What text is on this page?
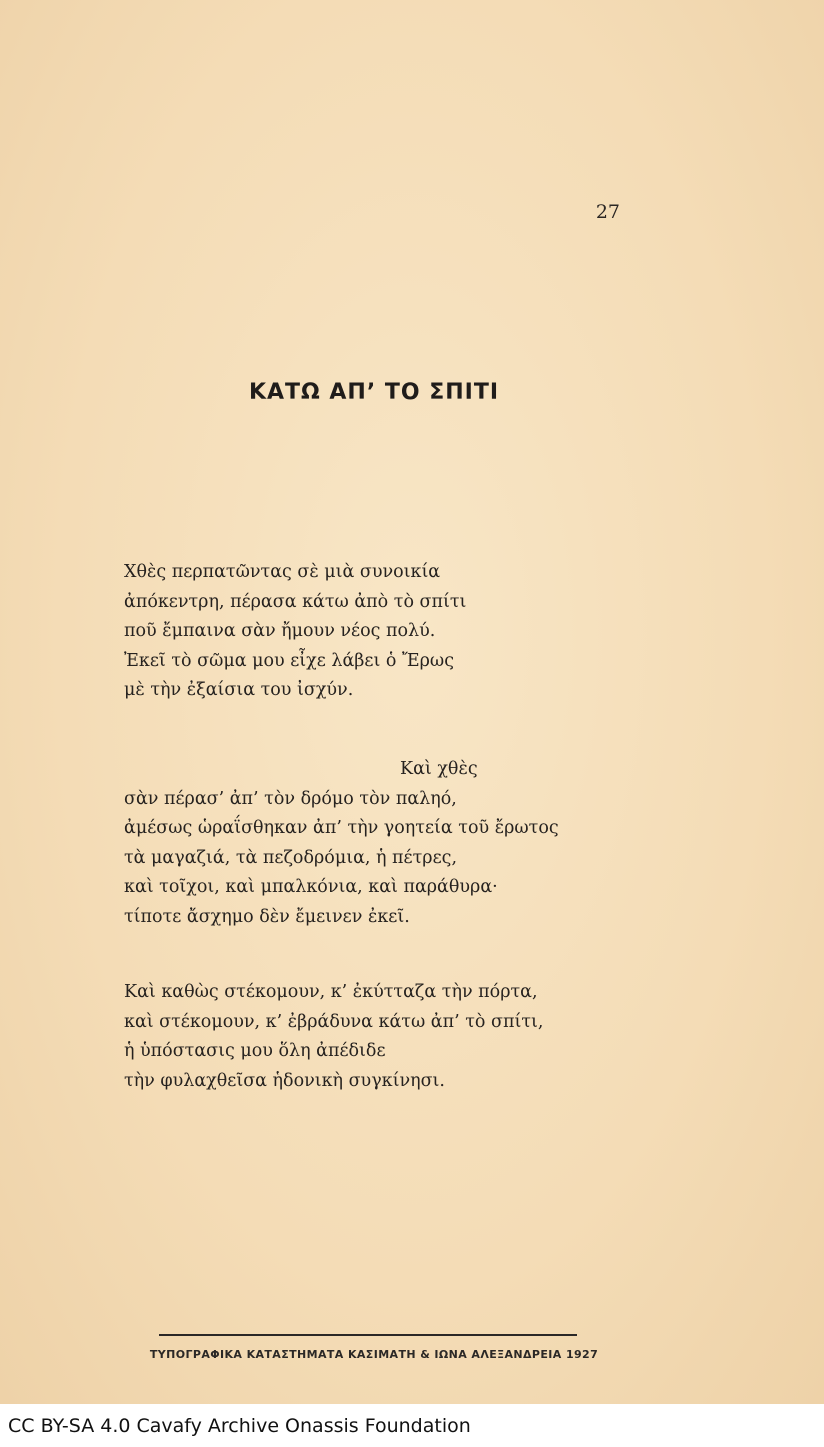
27
ΚΑΤΩ ΑΠ’ ΤΟ ΣΠΙΤΙ
Χθὲς περπατῶντας σὲ μιὰ συνοικία
ἀπόκεντρη, πέρασα κάτω ἀπὸ τὸ σπίτι
ποῦ ἔμπαινα σὰν ἤμουν νέος πολύ.
Ἐκεῖ τὸ σῶμα μου εἶχε λάβει ὁ Ἔρως
μὲ τὴν ἐξαίσια του ἰσχύν.
Καὶ χθὲς
σὰν πέρασ’ ἀπ’ τὸν δρόμο τὸν παληό,
ἀμέσως ὡραΐσθηκαν ἀπ’ τὴν γοητεία τοῦ ἔρωτος
τὰ μαγαζιά, τὰ πεζοδρόμια, ἡ πέτρες,
καὶ τοῖχοι, καὶ μπαλκόνια, καὶ παράθυρα·
τίποτε ἄσχημο δὲν ἔμεινεν ἐκεῖ.
Καὶ καθὼς στέκομουν, κ’ ἐκύτταζα τὴν πόρτα,
καὶ στέκομουν, κ’ ἐβράδυνα κάτω ἀπ’ τὸ σπίτι,
ἡ ὑπόστασις μου ὅλη ἀπέδιδε
τὴν φυλαχθεῖσα ἡδονικὴ συγκίνησι.
ΤΥΠΟΓΡΑΦΙΚΑ ΚΑΤΑΣΤΗΜΑΤΑ ΚΑΣΙΜΑΤΗ & ΙΩΝΑ ΑΛΕΞΑΝΔΡΕΙΑ 1927
CC BY-SA 4.0 Cavafy Archive Onassis Foundation
